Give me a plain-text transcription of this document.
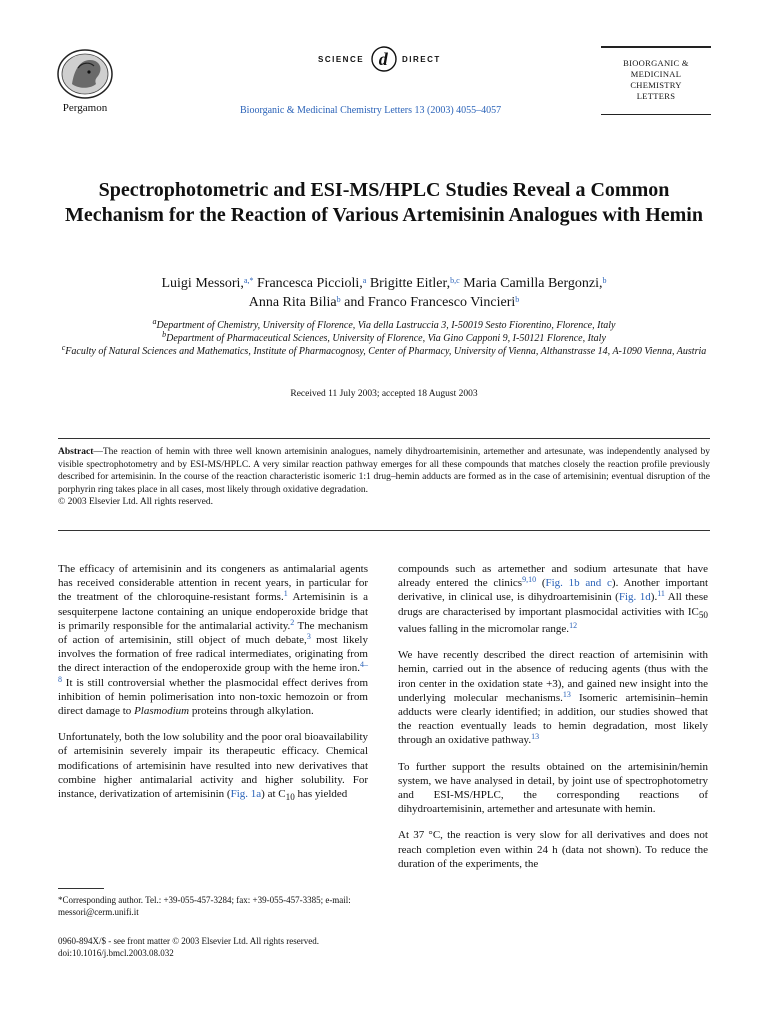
Pergamon
SCIENCE d DIRECT
Bioorganic & Medicinal Chemistry Letters 13 (2003) 4055–4057
BIOORGANIC &
MEDICINAL
CHEMISTRY
LETTERS
Spectrophotometric and ESI-MS/HPLC Studies Reveal a Common Mechanism for the Reaction of Various Artemisinin Analogues with Hemin
Luigi Messori,$^{a,*}$ Francesca Piccioli,$^a$ Brigitte Eitler,$^{b,c}$ Maria Camilla Bergonzi,$^b$
Anna Rita Bilia$^b$ and Franco Francesco Vincieri$^b$
$^a$Department of Chemistry, University of Florence, Via della Lastruccia 3, I-50019 Sesto Fiorentino, Florence, Italy
$^b$Department of Pharmaceutical Sciences, University of Florence, Via Gino Capponi 9, I-50121 Florence, Italy
$^c$Faculty of Natural Sciences and Mathematics, Institute of Pharmacognosy, Center of Pharmacy, University of Vienna, Althanstrasse 14, A-1090 Vienna, Austria
Received 11 July 2003; accepted 18 August 2003
Abstract—The reaction of hemin with three well known artemisinin analogues, namely dihydroartemisinin, artemether and artesunate, was independently analysed by visible spectrophotometry and by ESI-MS/HPLC. A very similar reaction pathway emerges for all these compounds that matches closely the reaction profile previously described for artemisinin. In the course of the reaction characteristic isomeric 1:1 drug–hemin adducts are formed as in the case of artemisinin; eventual disruption of the porphyrin ring takes place in all cases, most likely through oxidative degradation.
© 2003 Elsevier Ltd. All rights reserved.

The efficacy of artemisinin and its congeners as antimalarial agents has received considerable attention in recent years, in particular for the treatment of the chloroquine-resistant forms.$^1$ Artemisinin is a sesquiterpene lactone containing an unique endoperoxide bridge that is primarily responsible for the antimalarial activity.$^2$ The mechanism of action of artemisinin, still object of much debate,$^3$ most likely involves the formation of free radical intermediates, originating from the direct interaction of the endoperoxide group with the heme iron.$^{4-8}$ It is still controversial whether the plasmocidal effect derives from inhibition of hemin polimerisation into non-toxic hemozoin or from direct damage to Plasmodium proteins through alkylation.

Unfortunately, both the low solubility and the poor oral bioavailability of artemisinin severely impair its therapeutic efficacy. Chemical modifications of artemisinin have resulted into new derivatives that combine higher antimalarial activity and higher solubility. For instance, derivatization of artemisinin (Fig. 1a) at $C_{10}$ has yielded

*Corresponding author. Tel.: +39-055-457-3284; fax: +39-055-457-3385; e-mail: messori@cerm.unifi.it
0960-894X/$ - see front matter © 2003 Elsevier Ltd. All rights reserved.
doi:10.1016/j.bmcl.2003.08.032

compounds such as artemether and sodium artesunate that have already entered the clinics$^{9,10}$ (Fig. 1b and c). Another important derivative, in clinical use, is dihydroartemisinin (Fig. 1d).$^{11}$ All these drugs are characterised by important plasmocidal activities with $IC_{50}$ values falling in the micromolar range.$^{12}$

We have recently described the direct reaction of artemisinin with hemin, carried out in the absence of reducing agents (thus with the iron center in the oxidation state +3), and gained new insight into the underlying molecular mechanisms.$^{13}$ Isomeric artemisinin–hemin adducts were clearly identified; in addition, our studies showed that the reaction eventually leads to hemin degradation, most likely through an oxidative pathway.$^{13}$

To further support the results obtained on the artemisinin/hemin system, we have analysed in detail, by joint use of spectrophotometry and ESI-MS/HPLC, the corresponding reactions of dihydroartemisinin, artemether and artesunate with hemin.

At 37 °C, the reaction is very slow for all derivatives and does not reach completion even within 24 h (data not shown). To reduce the duration of the experiments, the
